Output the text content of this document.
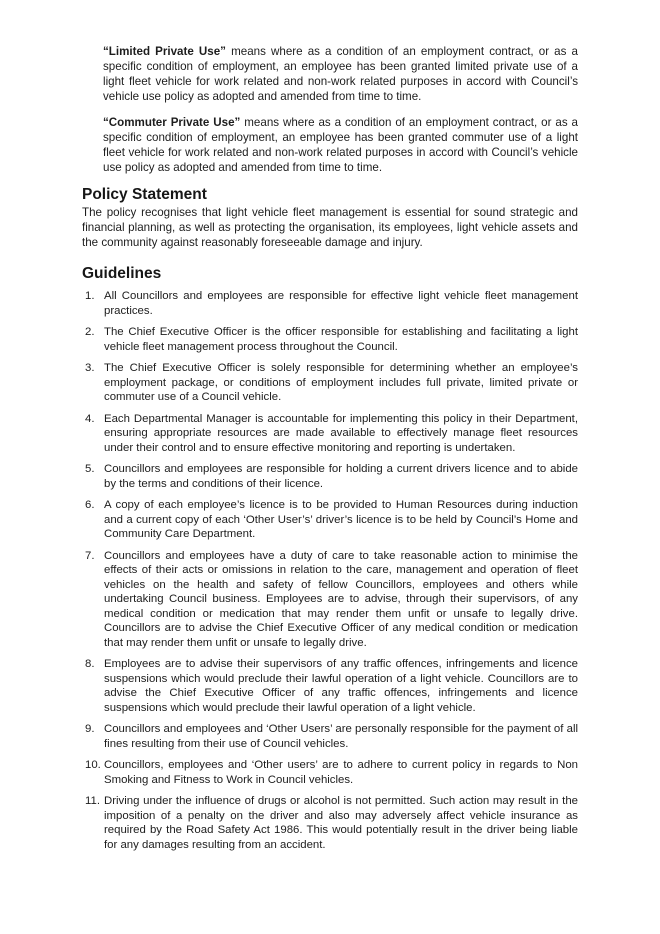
“Limited Private Use” means where as a condition of an employment contract, or as a specific condition of employment, an employee has been granted limited private use of a light fleet vehicle for work related and non-work related purposes in accord with Council’s vehicle use policy as adopted and amended from time to time.

“Commuter Private Use” means where as a condition of an employment contract, or as a specific condition of employment, an employee has been granted commuter use of a light fleet vehicle for work related and non-work related purposes in accord with Council’s vehicle use policy as adopted and amended from time to time.

Policy Statement

The policy recognises that light vehicle fleet management is essential for sound strategic and financial planning, as well as protecting the organisation, its employees, light vehicle assets and the community against reasonably foreseeable damage and injury.

Guidelines
1. All Councillors and employees are responsible for effective light vehicle fleet management practices.
2. The Chief Executive Officer is the officer responsible for establishing and facilitating a light vehicle fleet management process throughout the Council.
3. The Chief Executive Officer is solely responsible for determining whether an employee’s employment package, or conditions of employment includes full private, limited private or commuter use of a Council vehicle.
4. Each Departmental Manager is accountable for implementing this policy in their Department, ensuring appropriate resources are made available to effectively manage fleet resources under their control and to ensure effective monitoring and reporting is undertaken.
5. Councillors and employees are responsible for holding a current drivers licence and to abide by the terms and conditions of their licence.
6. A copy of each employee’s licence is to be provided to Human Resources during induction and a current copy of each ‘Other User’s’ driver’s licence is to be held by Council’s Home and Community Care Department.
7. Councillors and employees have a duty of care to take reasonable action to minimise the effects of their acts or omissions in relation to the care, management and operation of fleet vehicles on the health and safety of fellow Councillors, employees and others while undertaking Council business. Employees are to advise, through their supervisors, of any medical condition or medication that may render them unfit or unsafe to legally drive. Councillors are to advise the Chief Executive Officer of any medical condition or medication that may render them unfit or unsafe to legally drive.
8. Employees are to advise their supervisors of any traffic offences, infringements and licence suspensions which would preclude their lawful operation of a light vehicle. Councillors are to advise the Chief Executive Officer of any traffic offences, infringements and licence suspensions which would preclude their lawful operation of a light vehicle.
9. Councillors and employees and ‘Other Users’ are personally responsible for the payment of all fines resulting from their use of Council vehicles.
10. Councillors, employees and ‘Other users’ are to adhere to current policy in regards to Non Smoking and Fitness to Work in Council vehicles.
11. Driving under the influence of drugs or alcohol is not permitted. Such action may result in the imposition of a penalty on the driver and also may adversely affect vehicle insurance as required by the Road Safety Act 1986. This would potentially result in the driver being liable for any damages resulting from an accident.
